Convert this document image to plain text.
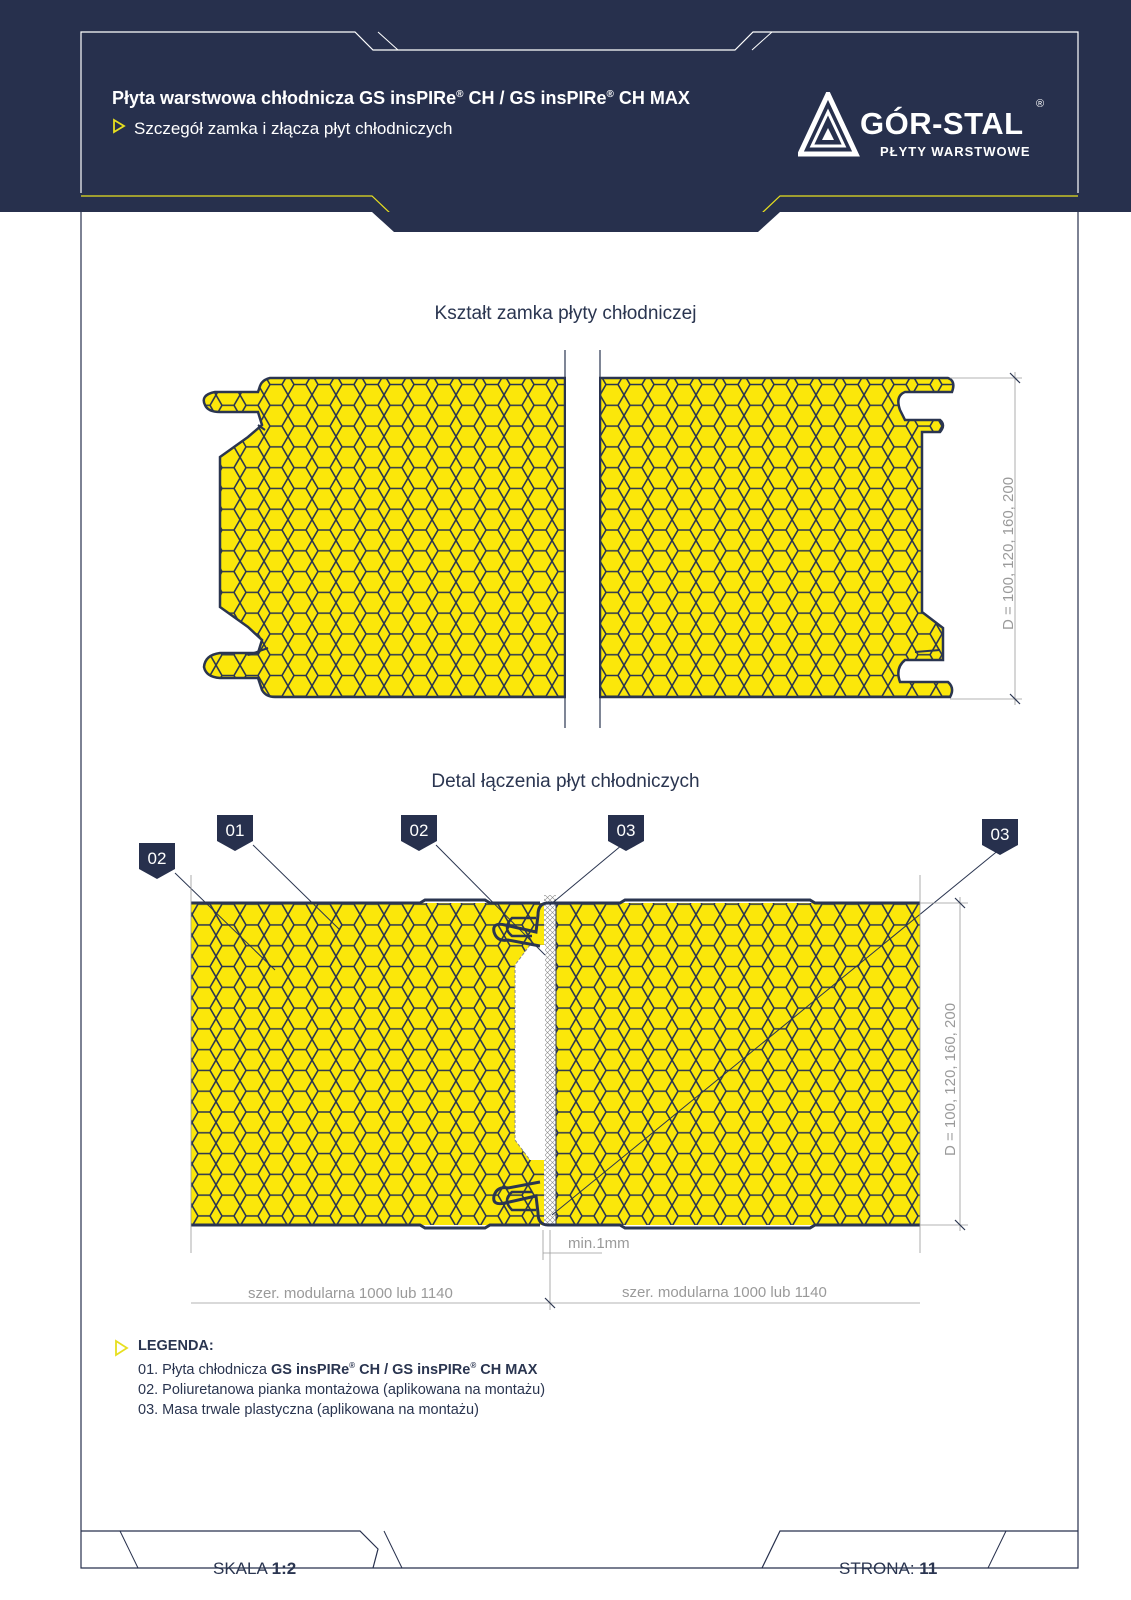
Płyta warstwowa chłodnicza GS insPIRe® CH / GS insPIRe® CH MAX
Szczegół zamka i złącza płyt chłodniczych	GÓR-STAL
®
PŁYTY WARSTWOWE
Kształt zamka płyty chłodniczej
D = 100, 120, 160, 200
Detal łączenia płyt chłodniczych
D = 100, 120, 160, 200
min.1mm
szer. modularna 1000 lub 1140	szer. modularna 1000 lub 1140
02
01	02	03	03
LEGENDA:
01. Płyta chłodnicza GS insPIRe® CH / GS insPIRe® CH MAX
02. Poliuretanowa pianka montażowa (aplikowana na montażu)
03. Masa trwale plastyczna (aplikowana na montażu)
SKALA 1:2	STRONA: 11
